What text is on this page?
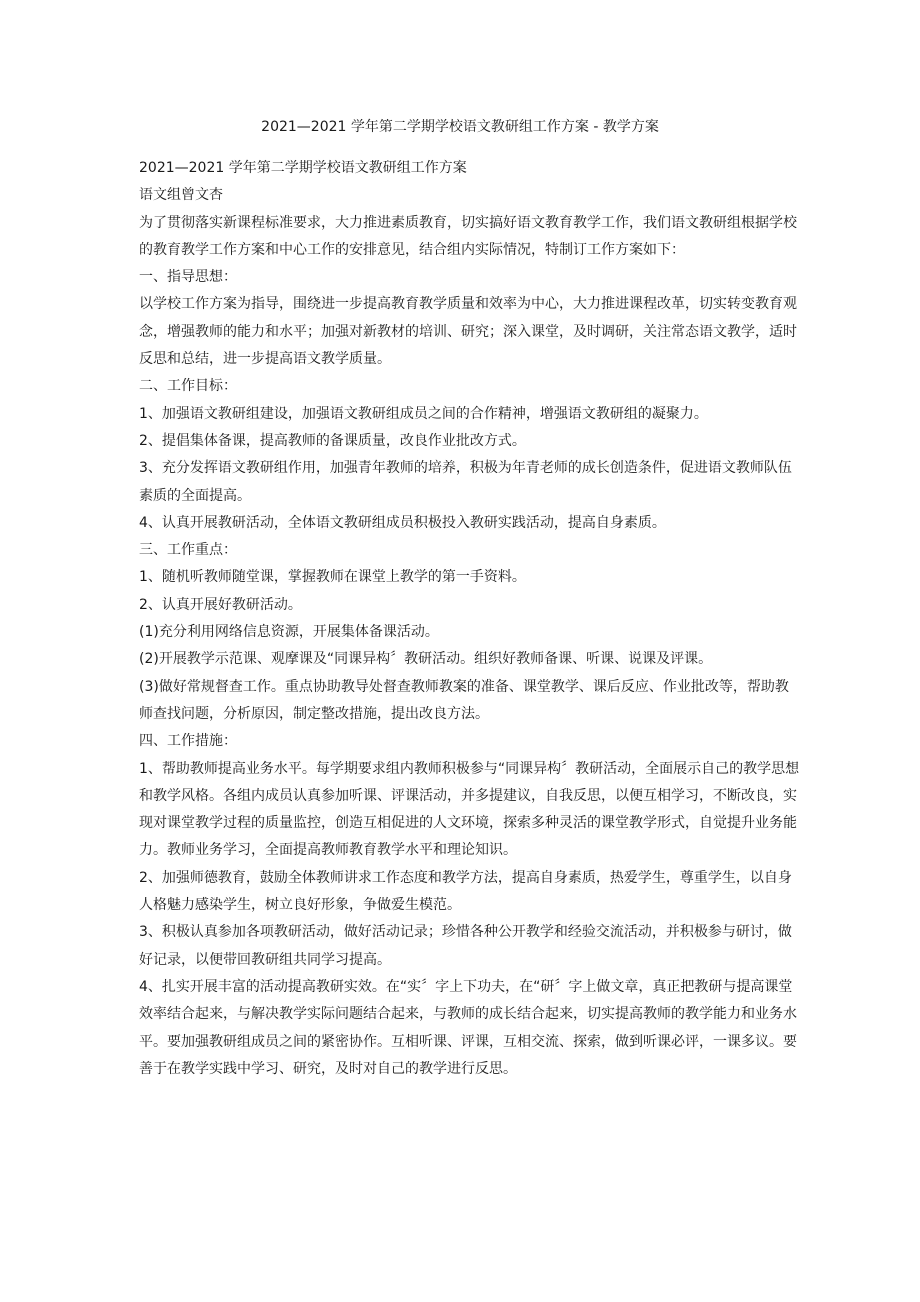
2021—2021 学年第二学期学校语文教研组工作方案 - 教学方案

2021—2021 学年第二学期学校语文教研组工作方案

语文组曾文杏

为了贯彻落实新课程标准要求，大力推进素质教育，切实搞好语文教育教学工作，我们语文教研组根据学校的教育教学工作方案和中心工作的安排意见，结合组内实际情况，特制订工作方案如下：

一、指导思想：

以学校工作方案为指导，围绕进一步提高教育教学质量和效率为中心，大力推进课程改革，切实转变教育观念，增强教师的能力和水平；加强对新教材的培训、研究；深入课堂，及时调研，关注常态语文教学，适时反思和总结，进一步提高语文教学质量。

二、工作目标：

1、加强语文教研组建设，加强语文教研组成员之间的合作精神，增强语文教研组的凝聚力。

2、提倡集体备课，提高教师的备课质量，改良作业批改方式。

3、充分发挥语文教研组作用，加强青年教师的培养，积极为年青老师的成长创造条件，促进语文教师队伍素质的全面提高。

4、认真开展教研活动，全体语文教研组成员积极投入教研实践活动，提高自身素质。

三、工作重点：

1、随机听教师随堂课，掌握教师在课堂上教学的第一手资料。

2、认真开展好教研活动。

(1)充分利用网络信息资源，开展集体备课活动。

(2)开展教学示范课、观摩课及“同课异构〞教研活动。组织好教师备课、听课、说课及评课。

(3)做好常规督查工作。重点协助教导处督查教师教案的准备、课堂教学、课后反应、作业批改等，帮助教师查找问题，分析原因，制定整改措施，提出改良方法。

四、工作措施：

1、帮助教师提高业务水平。每学期要求组内教师积极参与“同课异构〞教研活动，全面展示自己的教学思想和教学风格。各组内成员认真参加听课、评课活动，并多提建议，自我反思，以便互相学习，不断改良，实现对课堂教学过程的质量监控，创造互相促进的人文环境，探索多种灵活的课堂教学形式，自觉提升业务能力。教师业务学习，全面提高教师教育教学水平和理论知识。

2、加强师德教育，鼓励全体教师讲求工作态度和教学方法，提高自身素质，热爱学生，尊重学生，以自身人格魅力感染学生，树立良好形象，争做爱生模范。

3、积极认真参加各项教研活动，做好活动记录；珍惜各种公开教学和经验交流活动，并积极参与研讨，做好记录，以便带回教研组共同学习提高。

4、扎实开展丰富的活动提高教研实效。在“实〞字上下功夫，在“研〞字上做文章，真正把教研与提高课堂效率结合起来，与解决教学实际问题结合起来，与教师的成长结合起来，切实提高教师的教学能力和业务水平。要加强教研组成员之间的紧密协作。互相听课、评课，互相交流、探索，做到听课必评，一课多议。要善于在教学实践中学习、研究，及时对自己的教学进行反思。
